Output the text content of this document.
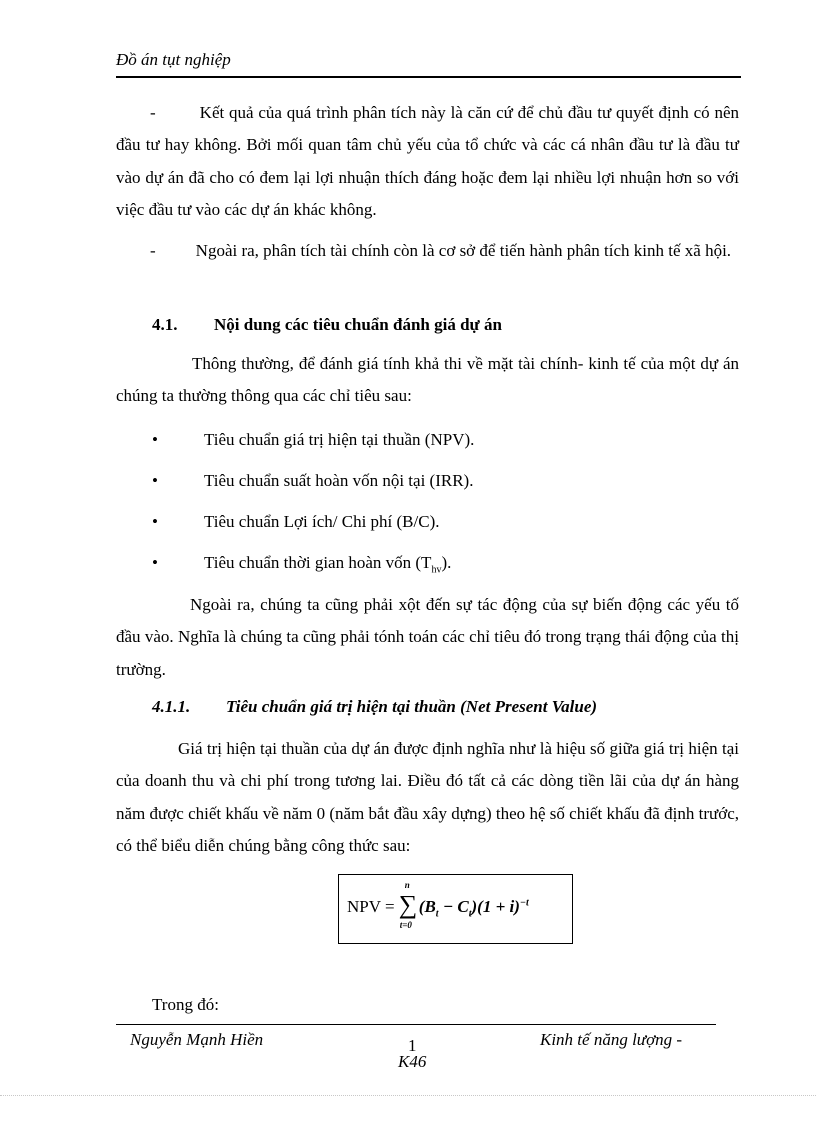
Đồ án tụt nghiệp
-	Kết quả của quá trình phân tích này là căn cứ để chủ đầu tư quyết định có nên đầu tư hay không. Bởi mối quan tâm chủ yếu của tổ chức và các cá nhân đầu tư là đầu tư vào dự án đã cho có đem lại lợi nhuận thích đáng hoặc đem lại nhiều lợi nhuận hơn so với việc đầu tư vào các dự án khác không.
- Ngoài ra, phân tích tài chính còn là cơ sở để tiến hành phân tích kinh tế xã hội.
4.1. Nội dung các tiêu chuẩn đánh giá dự án
Thông thường, để đánh giá tính khả thi về mặt tài chính- kinh tế của một dự án chúng ta thường thông qua các chỉ tiêu sau:
•	Tiêu chuẩn giá trị hiện tại thuần (NPV).
•	Tiêu chuẩn suất hoàn vốn nội tại (IRR).
•	Tiêu chuẩn Lợi ích/ Chi phí (B/C).
•	Tiêu chuẩn thời gian hoàn vốn $(T_{hv})$.
Ngoài ra, chúng ta cũng phải xột đến sự tác động của sự biến động các yếu tố đầu vào. Nghĩa là chúng ta cũng phải tónh toán các chỉ tiêu đó trong trạng thái động của thị trường.
4.1.1. Tiêu chuẩn giá trị hiện tại thuần (Net Present Value)
Giá trị hiện tại thuần của dự án được định nghĩa như là hiệu số giữa giá trị hiện tại của doanh thu và chi phí trong tương lai. Điều đó tất cả các dòng tiền lãi của dự án hàng năm được chiết khấu về năm 0 (năm bắt đầu xây dựng) theo hệ số chiết khấu đã định trước, có thể biểu diễn chúng bằng công thức sau:
NPV = ∑
n
t=0
$(B_t - C_t)(1 + i)^{-t}$
Trong đó:
Nguyễn Mạnh Hiền	1	Kinh tế năng lượng -
K46
